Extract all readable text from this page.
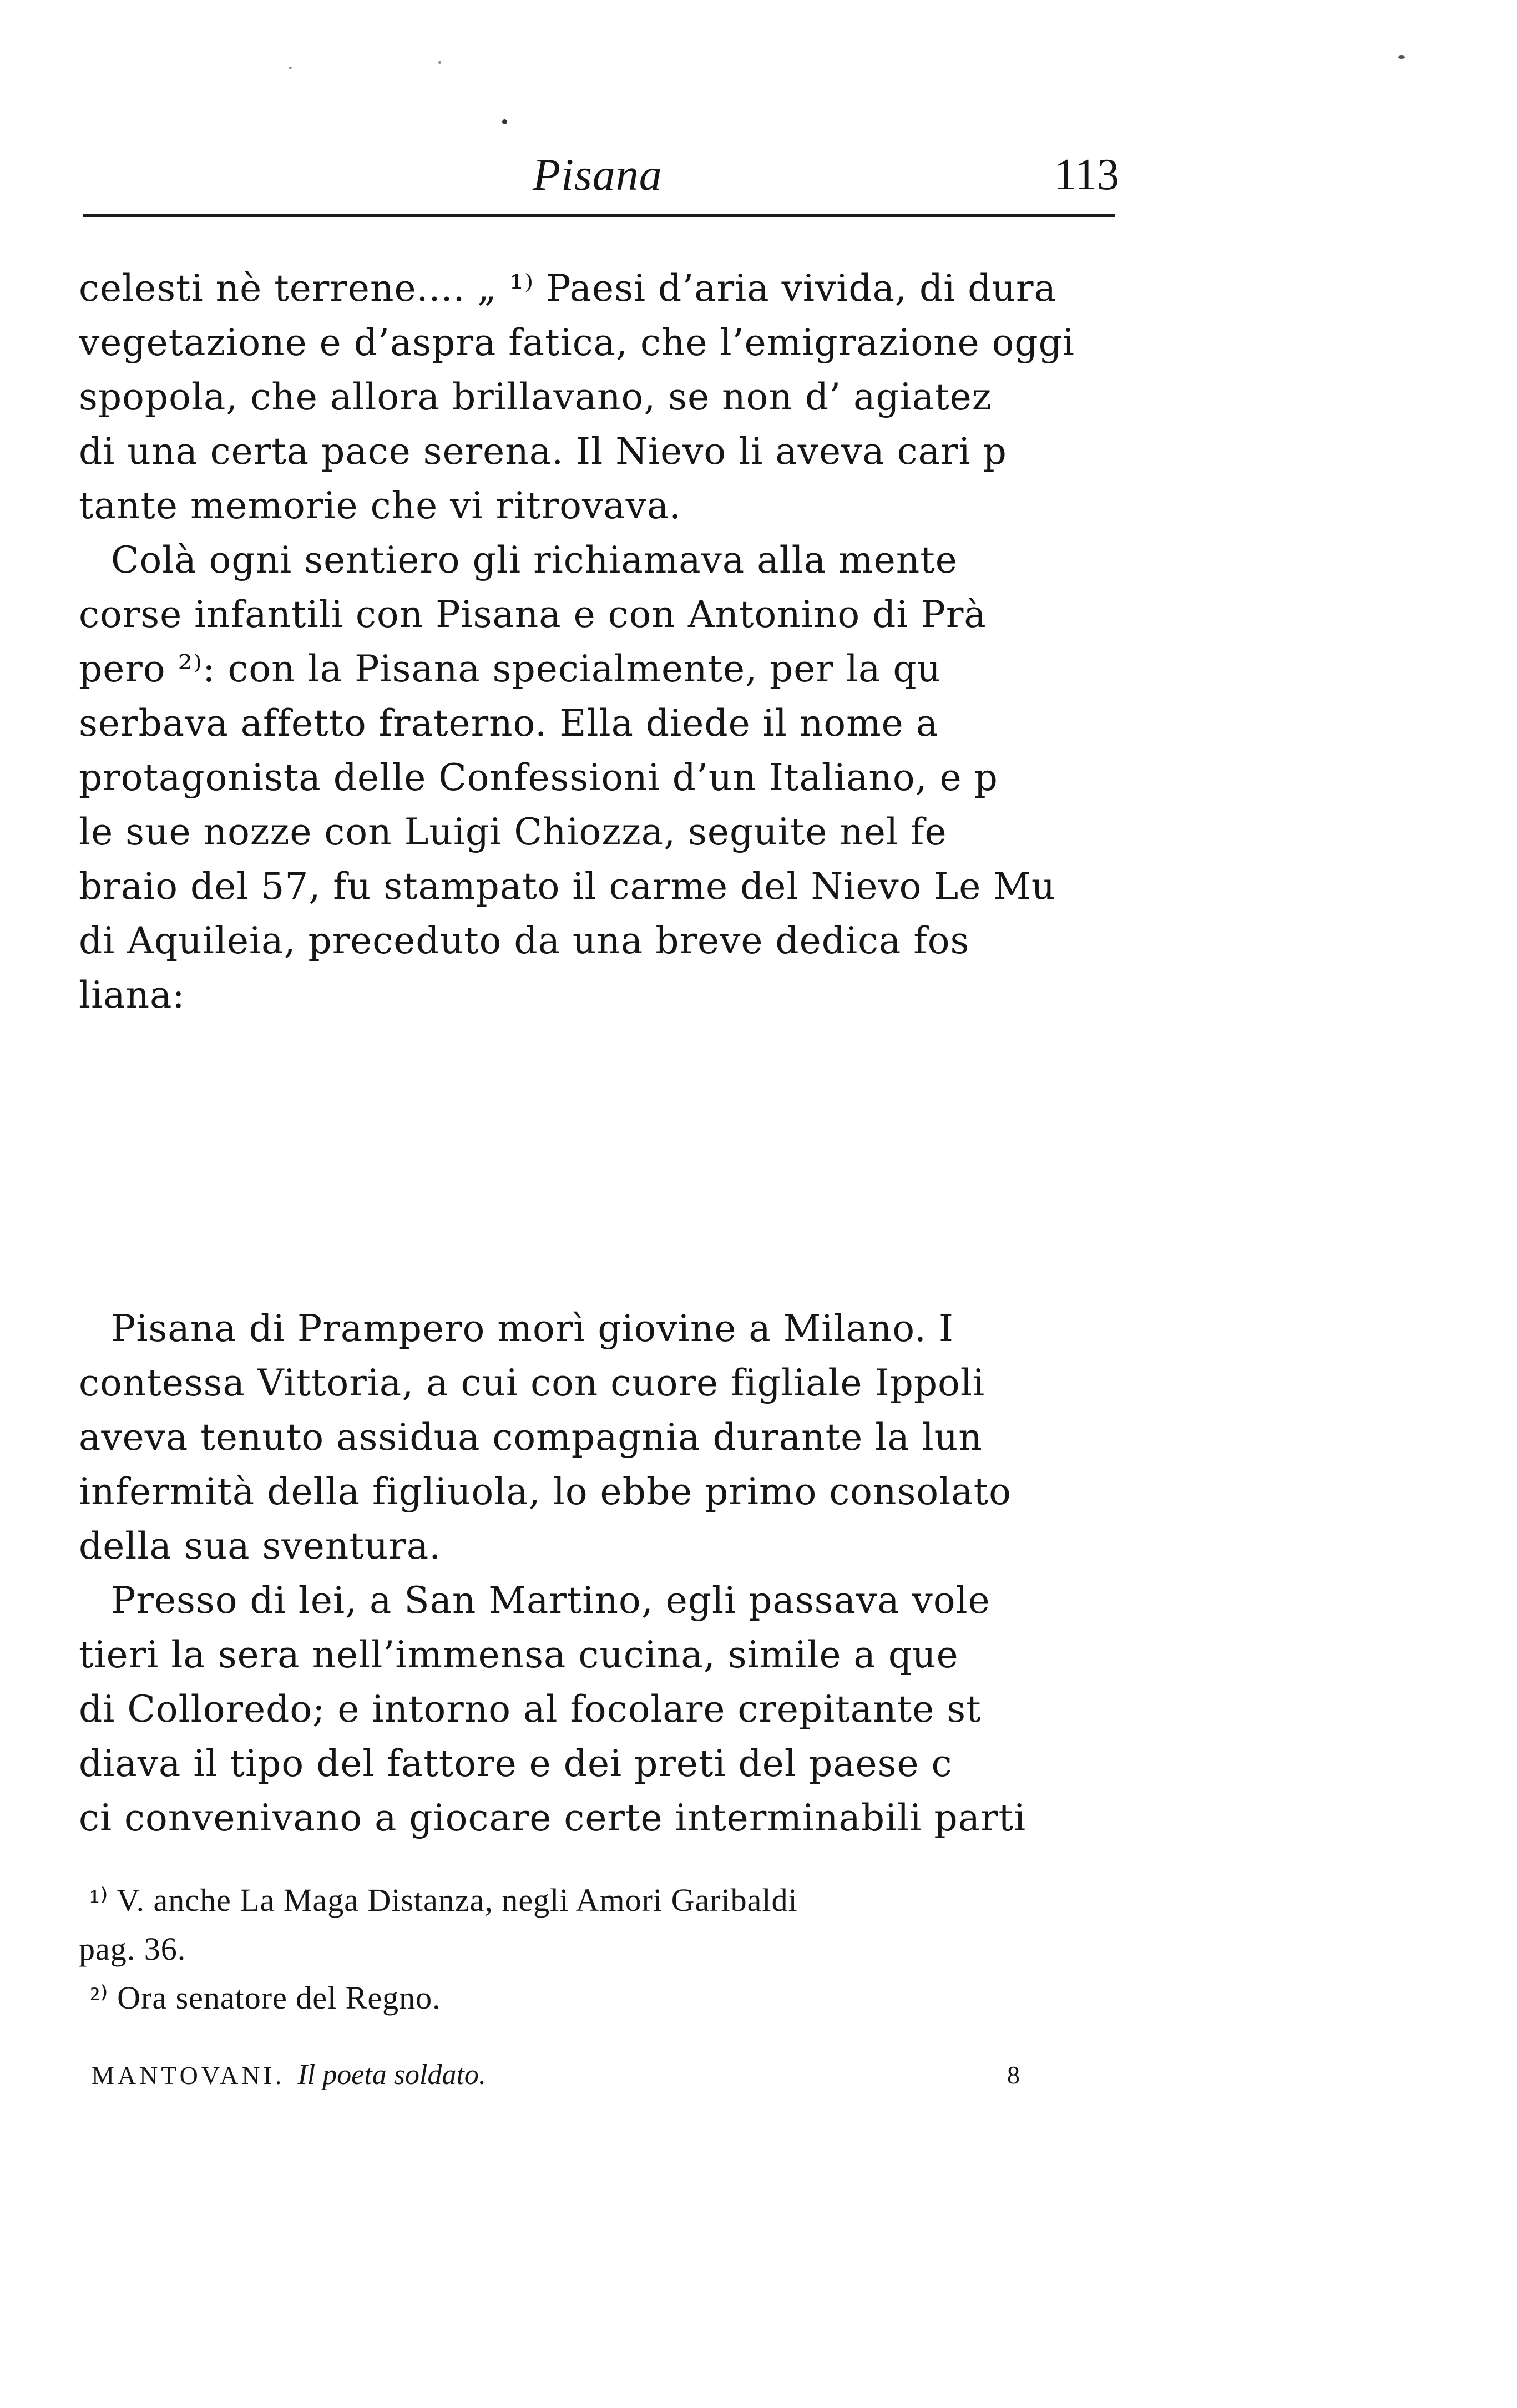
Pisana	113
celesti nè terrene.... „ ¹⁾ Paesi d’aria vivida, di dura
vegetazione e d’aspra fatica, che l’emigrazione oggi
spopola, che allora brillavano, se non d’ agiatez
di una certa pace serena. Il Nievo li aveva cari p
tante memorie che vi ritrovava.
Colà ogni sentiero gli richiamava alla mente
corse infantili con Pisana e con Antonino di Prà
pero ²⁾: con la Pisana specialmente, per la qu
serbava affetto fraterno. Ella diede il nome a
protagonista delle Confessioni d’un Italiano, e p
le sue nozze con Luigi Chiozza, seguite nel fe
braio del 57, fu stampato il carme del Nievo Le Mu
di Aquileia, preceduto da una breve dedica fos
liana:
Pisana di Prampero morì giovine a Milano. I
contessa Vittoria, a cui con cuore figliale Ippoli
aveva tenuto assidua compagnia durante la lun
infermità della figliuola, lo ebbe primo consolato
della sua sventura.
Presso di lei, a San Martino, egli passava vole
tieri la sera nell’immensa cucina, simile a que
di Colloredo; e intorno al focolare crepitante st
diava il tipo del fattore e dei preti del paese c
ci convenivano a giocare certe interminabili parti
¹⁾ V. anche La Maga Distanza, negli Amori Garibaldi
pag. 36.
²⁾ Ora senatore del Regno.
MANTOVANI. Il poeta soldato.	8
